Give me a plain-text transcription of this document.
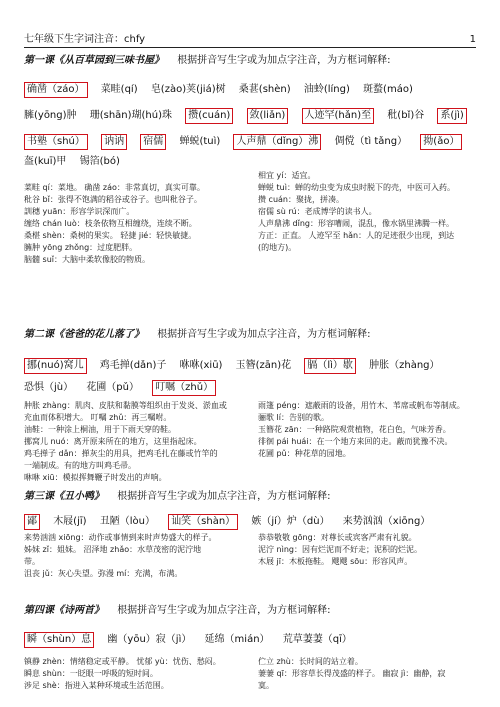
七年级下生字词注音：chfy	1
第一课《从百草园到三味书屋》 根据拼音写生字或为加点字注音，为方框词解释:
确凿（záo） 菜畦(qí) 皂(zào)荚(jiá)树 桑葚(shèn) 油蛉(líng) 斑蝥(máo)
臃(yōng)肿 珊(shān)瑚(hú)珠 攒(cuán) 敛(liǎn) 人迹罕(hǎn)至 秕(bǐ)谷 系(jì)
书塾（shú） 讷讷 宿儒 蝉蜕(tuì) 人声鼎（dǐng）沸 倜傥（tì tǎng） 拗(ǎo）
盔(kuī)甲 锡箔(bó)
菜畦 qí：菜地。 确凿 záo：非常真切，真实可靠。
秕谷 bǐ：张得不饱满的稻谷或谷子。也叫秕谷子。
訓穗 yuān：形容学识深而广。
缠络 chán luò：枝条依物互相缠绕，连续不断。
桑椹 shèn：桑树的果实。 轻捷 jié：轻快敏捷。
臃肿 yōng zhǒng：过度肥胖。
脑髓 suǐ：大脑中柔软像胶的物质。
相宜 yí：适宜。
蝉蜕 tuì：蝉的幼虫变为成虫时脱下的壳，中医可入药。
攒 cuán：聚拢，拼凑。
宿儒 sù rú：老成博学的读书人。
人声鼎沸 dǐng：形容嘈闹，混乱，像水锅里沸腾一样。
方正：正直。 人迹罕至 hǎn：人的足迹很少出现，到达
(的地方)。
第二课《爸爸的花儿落了》 根据拼音写生字或为加点字注音，为方框词解释:
挪(nuó)窝儿 鸡毛掸(dǎn)子 咻咻(xiū) 玉簪(zān)花 膈（lì）歇 肿胀（zhàng）
恐惧（jù） 花圃（pǔ） 叮嘱（zhǔ）
肿胀 zhàng：肌肉、皮肤和黏膜等组织由于发炎、淤血或
充血而体积增大。 叮嘱 zhǔ：再三嘱咐。
油鞋：一种涂上桐油，用于下雨天穿的鞋。
挪窝儿 nuó：离开原来所在的地方，这里指起床。
鸡毛掸子 dǎn：掸灰尘的用具，把鸡毛扎在藤或竹竿的
一端制成。有的地方叫鸡毛帚。
咻咻 xiū：模拟挥舞鞭子时发出的声响。
雨篷 péng：遮蔽雨的设备，用竹木、苇席或帆布等制成。
骊歌 lí：告别的歌。
玉簪花 zān：一种路院观赏植物，花白色，气味芳香。
徘徊 pái huái：在一个地方来回的走。蔽而犹豫不决。
花圃 pǔ：种花草的园地。
第三课《丑小鸭》 根据拼音写生字或为加点字注音，为方框词解释:
鄙 木屐(jī) 丑陋（lòu） 讪笑（shàn） 嫉（jí）炉（dù） 来势汹汹（xiōng）
来势汹汹 xiōng：动作或事情到来时声势盛大的样子。
姊妹 zǐ：姐妹。 沼泽地 zhǎo：水草茂密的泥泞地
带。
沮丧 jǔ：灰心失望。弥漫 mí：充满，布满。
恭恭敬敬 gōng：对尊长或宾客严肃有礼貌。
泥泞 nìng：因有烂泥而不好走；泥积的烂泥。
木屐 jī：木板拖鞋。 飕飕 sōu：形容风声。
第四课《诗两首》 根据拼音写生字或为加点字注音，为方框词解释:
瞬（shùn）息 幽（yōu）寂（jì） 延绵（mián） 荒草萋萋（qī）
镇静 zhèn：情绪稳定或平静。 忧郁 yù：忧伤、愁闷。
瞬息 shùn：一眨眼一呼吸的短时间。
涉足 shè：指进入某种环境或生活范围。
伫立 zhù：长时间的站立着。
萋萋 qī：形容草长得茂盛的样子。 幽寂 jì：幽静，寂
寞。
